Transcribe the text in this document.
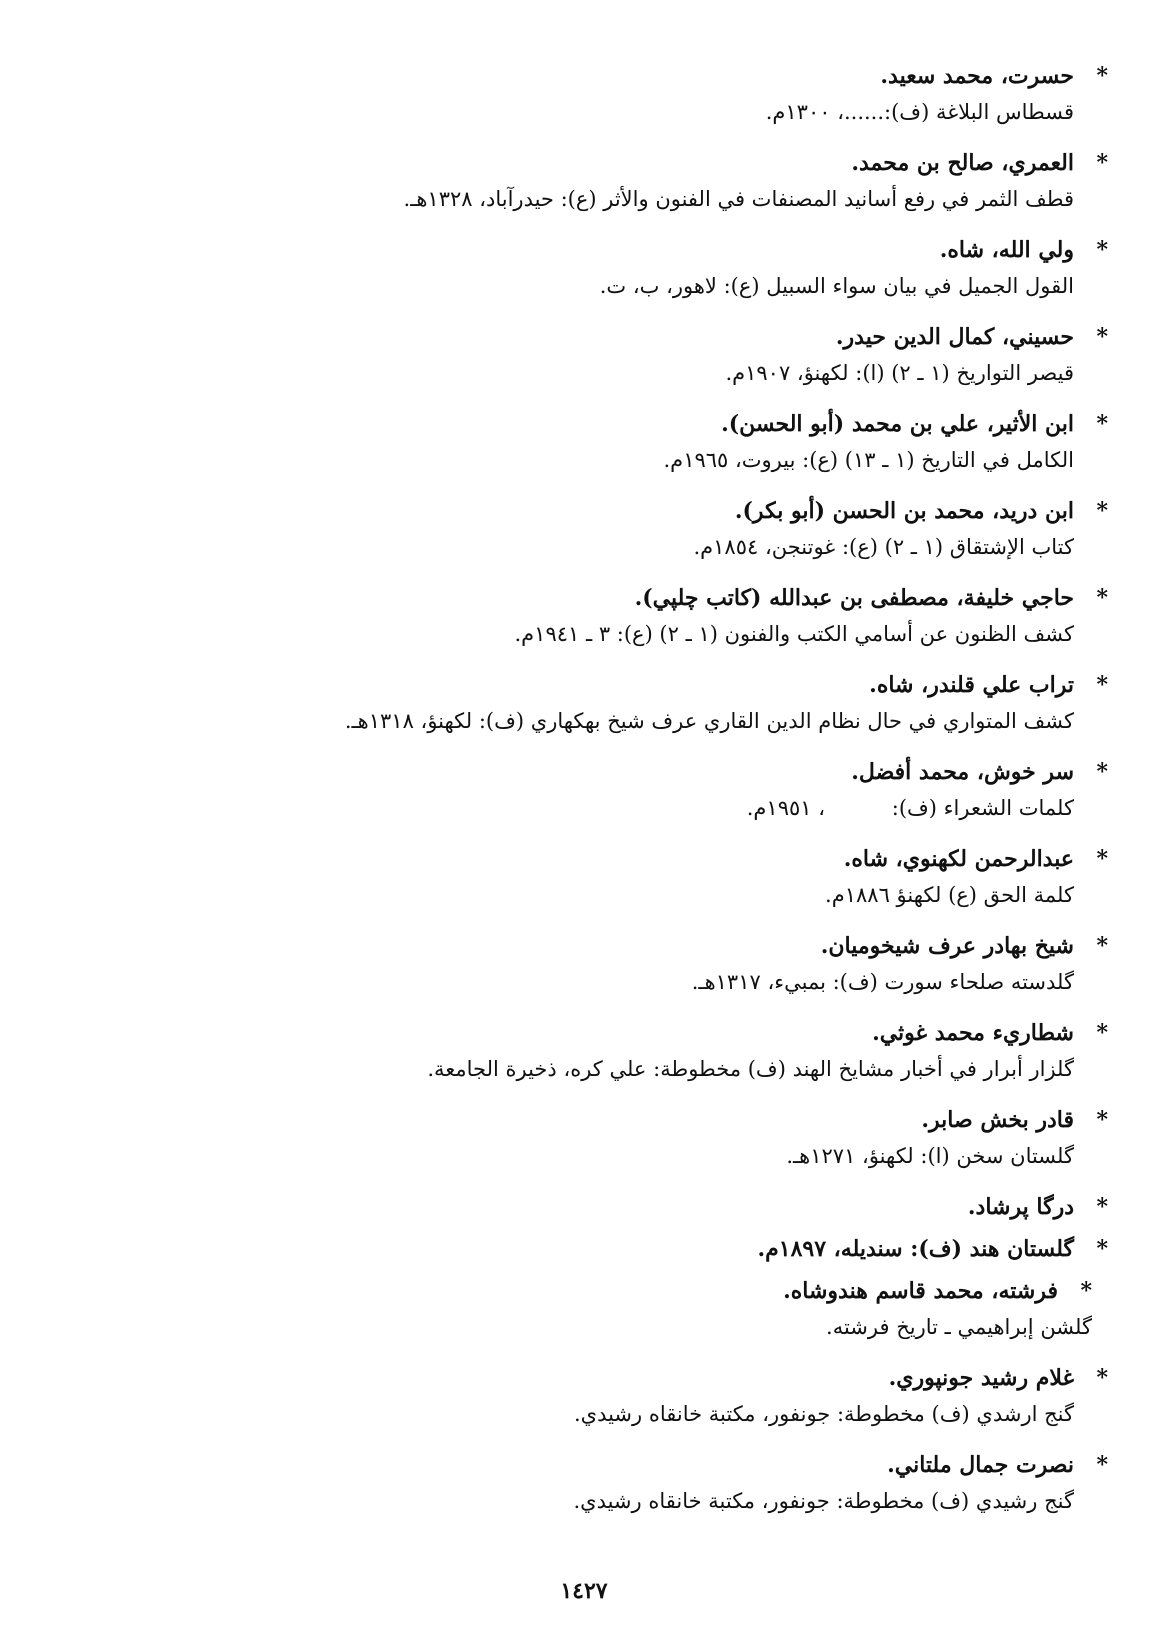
*
حسرت، محمد سعيد.
قسطاس البلاغة (ف):......، ١٣٠٠م.
*
العمري، صالح بن محمد.
قطف الثمر في رفع أسانيد المصنفات في الفنون والأثر (ع): حيدرآباد، ١٣٢٨هـ.
*
ولي الله، شاه.
القول الجميل في بيان سواء السبيل (ع): لاهور، ب، ت.
*
حسيني، كمال الدين حيدر.
قيصر التواريخ (١ ـ ٢) (ا): لكهنؤ، ١٩٠٧م.
*
ابن الأثير، علي بن محمد (أبو الحسن).
الكامل في التاريخ (١ ـ ١٣) (ع): بيروت، ١٩٦٥م.
*
ابن دريد، محمد بن الحسن (أبو بكر).
كتاب الإشتقاق (١ ـ ٢) (ع): غوتنجن، ١٨٥٤م.
*
حاجي خليفة، مصطفى بن عبدالله (كاتب چلپي).
كشف الظنون عن أسامي الكتب والفنون (١ ـ ٢) (ع): ٣ ـ ١٩٤١م.
*
تراب علي قلندر، شاه.
كشف المتواري في حال نظام الدين القاري عرف شيخ بهكهاري (ف): لكهنؤ، ١٣١٨هـ.
*
سر خوش، محمد أفضل.
كلمات الشعراء (ف):          ، ١٩٥١م.
*
عبدالرحمن لكهنوي، شاه.
كلمة الحق (ع) لكهنؤ ١٨٨٦م.
*
شيخ بهادر عرف شيخوميان.
گلدسته صلحاء سورت (ف): بمبيء، ١٣١٧هـ.
*
شطاريء محمد غوثي.
گلزار أبرار في أخبار مشايخ الهند (ف) مخطوطة: علي كره، ذخيرة الجامعة.
*
قادر بخش صابر.
گلستان سخن (ا): لكهنؤ، ١٢٧١هـ.
*
درگا پرشاد.
*
گلستان هند (ف): سنديله، ١٨٩٧م.
*
فرشته، محمد قاسم هندوشاه.
گلشن إبراهيمي ـ تاريخ فرشته.
*
غلام رشيد جونپوري.
گنج ارشدي (ف) مخطوطة: جونفور، مكتبة خانقاه رشيدي.
*
نصرت جمال ملتاني.
گنج رشيدي (ف) مخطوطة: جونفور، مكتبة خانقاه رشيدي.
١٤٢٧
